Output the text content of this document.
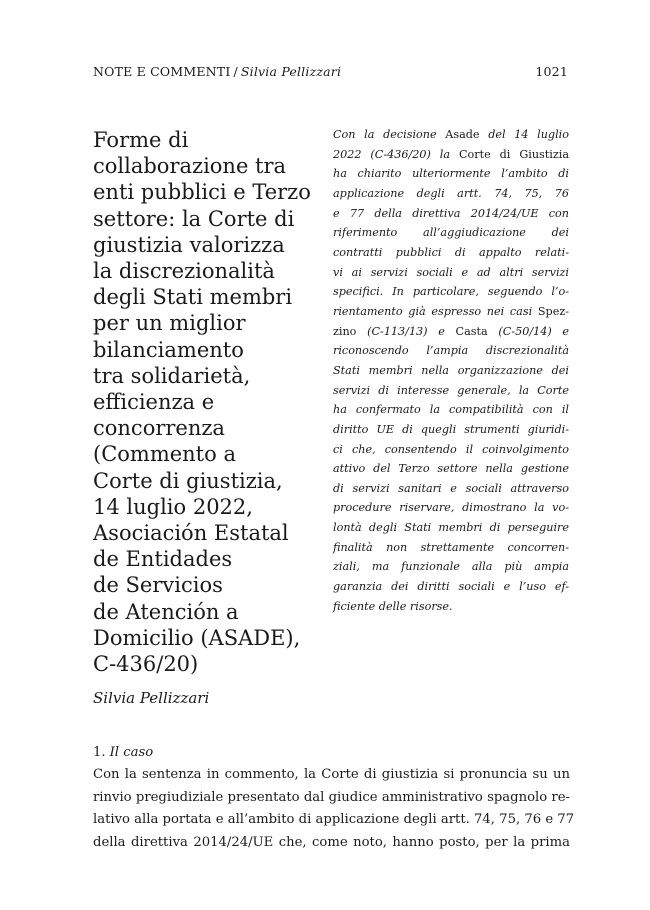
NOTE E COMMENTI / Silvia Pellizzari	1021
Forme di
collaborazione tra
enti pubblici e Terzo
settore: la Corte di
giustizia valorizza
la discrezionalità
degli Stati membri
per un miglior
bilanciamento
tra solidarietà,
efficienza e
concorrenza
(Commento a
Corte di giustizia,
14 luglio 2022,
Asociación Estatal
de Entidades
de Servicios
de Atención a
Domicilio (ASADE),
C-436/20)
Silvia Pellizzari
Con la decisione Asade del 14 luglio
2022 (C-436/20) la Corte di Giustizia
ha chiarito ulteriormente l’ambito di
applicazione degli artt. 74, 75, 76
e 77 della direttiva 2014/24/UE con
riferimento all’aggiudicazione dei
contratti pubblici di appalto relati-
vi ai servizi sociali e ad altri servizi
specifici. In particolare, seguendo l’o-
rientamento già espresso nei casi Spez-
zino (C-113/13) e Casta (C-50/14) e
riconoscendo l’ampia discrezionalità
Stati membri nella organizzazione dei
servizi di interesse generale, la Corte
ha confermato la compatibilità con il
diritto UE di quegli strumenti giuridi-
ci che, consentendo il coinvolgimento
attivo del Terzo settore nella gestione
di servizi sanitari e sociali attraverso
procedure riservare, dimostrano la vo-
lontà degli Stati membri di perseguire
finalità non strettamente concorren-
ziali, ma funzionale alla più ampia
garanzia dei diritti sociali e l’uso ef-
ficiente delle risorse.
1. Il caso
Con la sentenza in commento, la Corte di giustizia si pronuncia su un
rinvio pregiudiziale presentato dal giudice amministrativo spagnolo re-
lativo alla portata e all’ambito di applicazione degli artt. 74, 75, 76 e 77
della direttiva 2014/24/UE che, come noto, hanno posto, per la prima
